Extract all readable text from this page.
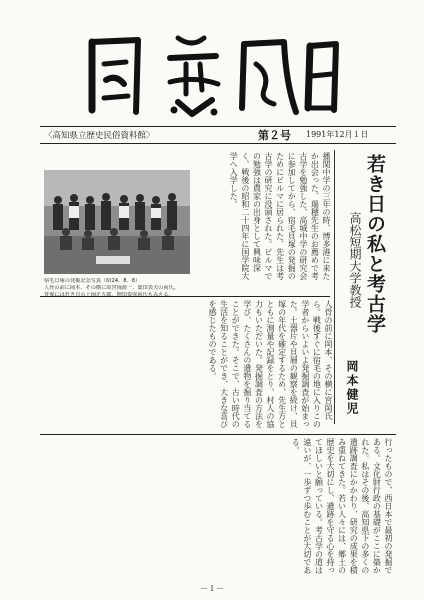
〈高知県立歴史民俗資料館〉	第２号 1991年12月１日
播関中学の三年の時、博多港に来たか出会った、瑞穂先生のお薦めで考古学を勉強した、高城中学の研究会に参加してから、宿毛貝塚の発掘のためにビルマに居られた、先生は考古学の研究に没頭された。ビルマでの勉強は農家の出身として興味深く、戦後の昭和二十四年に国学院大学へ入学した。	若き日の私と考古学
高松短期大学教授
岡本健児
宿毛貝塚の発掘記念写真（昭24．8．8）
人骨の前に岡本、その横に故宮岡源一、葉田表夫の両氏。
背後には若き日の上岡正五郎、増田泰弥両氏もみえる。
人骨の前に岡本、その横に宮岡氏ら。戦後すぐに宿毛の地に入りこの学者からいよいよ発掘調査が始まった。土器片や貝層の観察を続け、貝塚の年代を確定するため、先生方とともに測量や記録をとり、村人の協力もいただいた。発掘調査の方法を学び、たくさんの遺物を掘り当てることができた。そこで、古い時代の生活を知ることができ、大きな喜びを感じたものである。
行ったもので、西日本で最初の発掘である。文化財行政の基礎がここに築かれた。私はその後、高知県下の多くの遺跡調査にかかわり、研究の成果を積み重ねてきた。若い人々には、郷土の歴史を大切にし、遺跡を守る心を持ってほしいと願っている。考古学の道は遠いが、一歩ずつ歩むことが大切である。
－１－
